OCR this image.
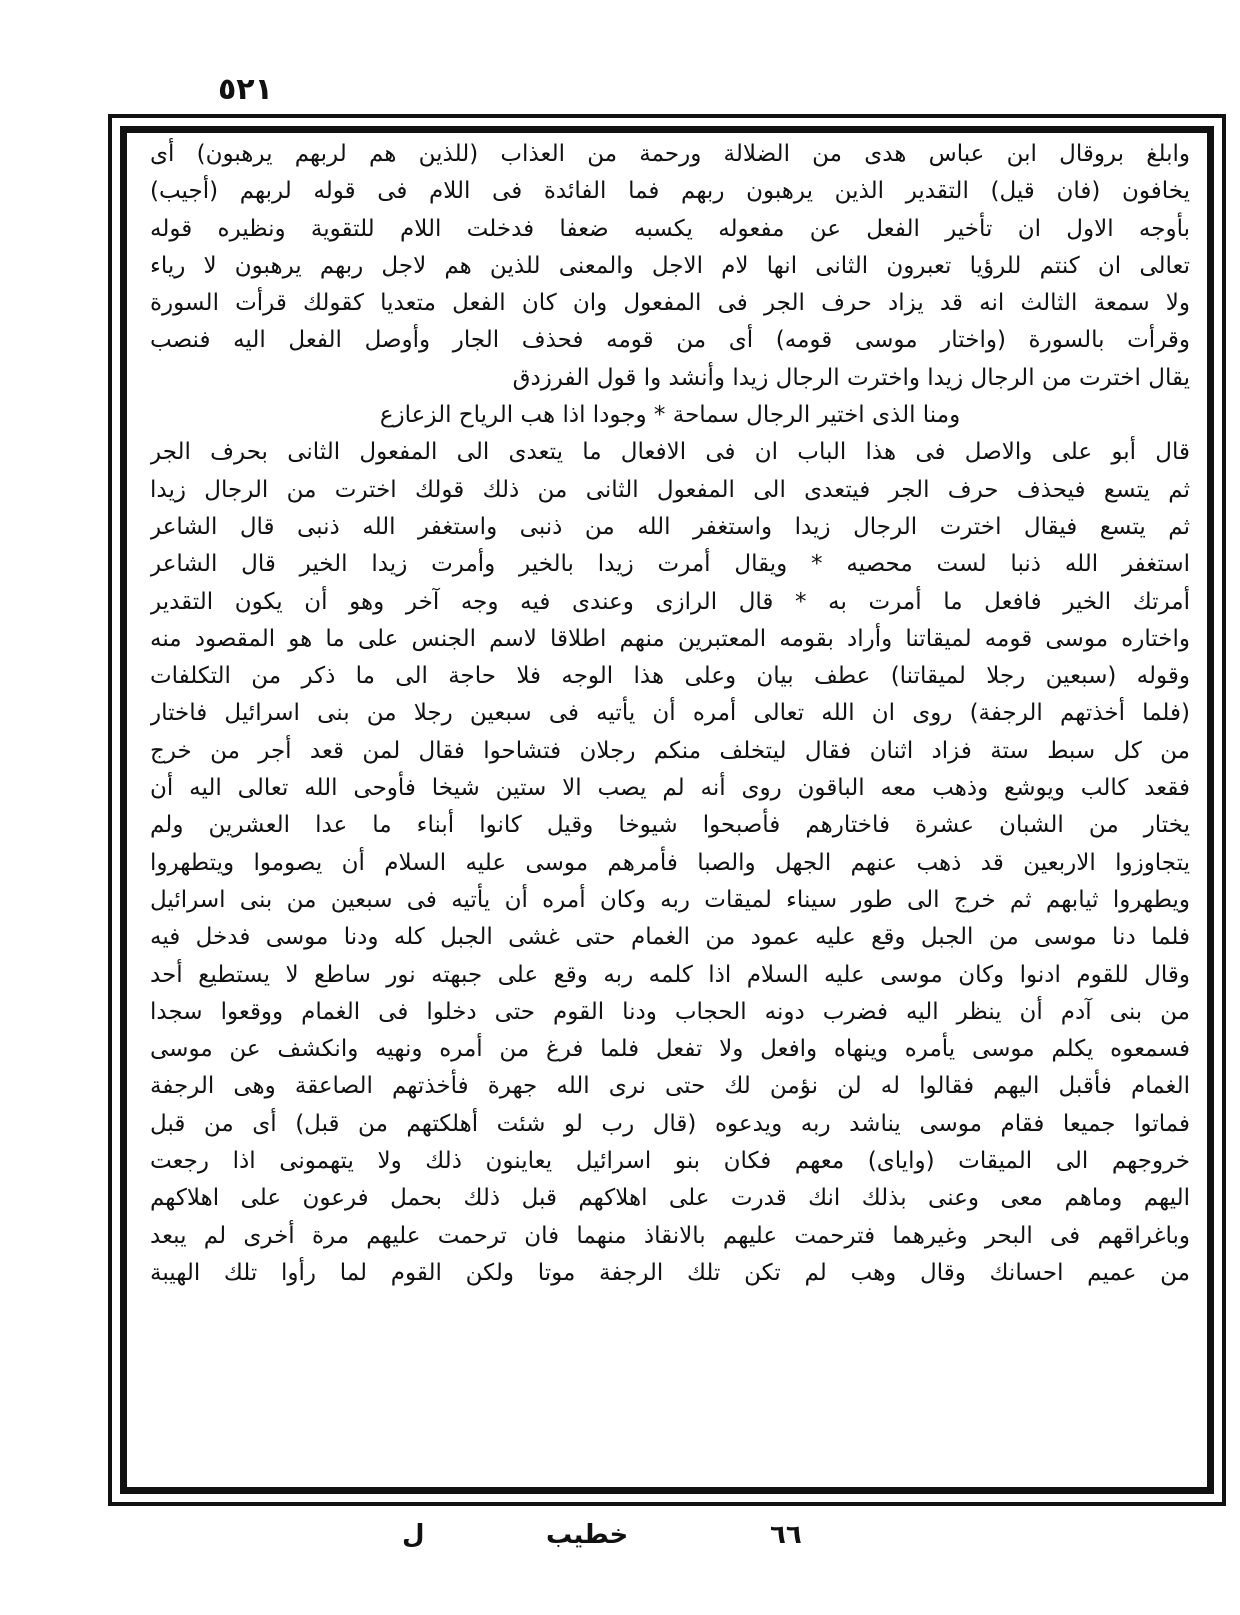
٥٢١
وابلغ بروقال ابن عباس هدى من الضلالة ورحمة من العذاب (للذين هم لربهم يرهبون) أى
يخافون (فان قيل) التقدير الذين يرهبون ربهم فما الفائدة فى اللام فى قوله لربهم (أجيب)
بأوجه الاول ان تأخير الفعل عن مفعوله يكسبه ضعفا فدخلت اللام للتقوية ونظيره قوله
تعالى ان كنتم للرؤيا تعبرون الثانى انها لام الاجل والمعنى للذين هم لاجل ربهم يرهبون لا رياء
ولا سمعة الثالث انه قد يزاد حرف الجر فى المفعول وان كان الفعل متعديا كقولك قرأت السورة
وقرأت بالسورة (واختار موسى قومه) أى من قومه فحذف الجار وأوصل الفعل اليه فنصب
يقال اخترت من الرجال زيدا واخترت الرجال زيدا وأنشد وا قول الفرزدق
ومنا الذى اختير الرجال سماحة * وجودا اذا هب الرياح الزعازع
قال أبو على والاصل فى هذا الباب ان فى الافعال ما يتعدى الى المفعول الثانى بحرف الجر
ثم يتسع فيحذف حرف الجر فيتعدى الى المفعول الثانى من ذلك قولك اخترت من الرجال زيدا
ثم يتسع فيقال اخترت الرجال زيدا واستغفر الله من ذنبى واستغفر الله ذنبى قال الشاعر
استغفر الله ذنبا لست محصيه * ويقال أمرت زيدا بالخير وأمرت زيدا الخير قال الشاعر
أمرتك الخير فافعل ما أمرت به * قال الرازى وعندى فيه وجه آخر وهو أن يكون التقدير
واختاره موسى قومه لميقاتنا وأراد بقومه المعتبرين منهم اطلاقا لاسم الجنس على ما هو المقصود منه
وقوله (سبعين رجلا لميقاتنا) عطف بيان وعلى هذا الوجه فلا حاجة الى ما ذكر من التكلفات
(فلما أخذتهم الرجفة) روى ان الله تعالى أمره أن يأتيه فى سبعين رجلا من بنى اسرائيل فاختار
من كل سبط ستة فزاد اثنان فقال ليتخلف منكم رجلان فتشاحوا فقال لمن قعد أجر من خرج
فقعد كالب ويوشع وذهب معه الباقون روى أنه لم يصب الا ستين شيخا فأوحى الله تعالى اليه أن
يختار من الشبان عشرة فاختارهم فأصبحوا شيوخا وقيل كانوا أبناء ما عدا العشرين ولم
يتجاوزوا الاربعين قد ذهب عنهم الجهل والصبا فأمرهم موسى عليه السلام أن يصوموا ويتطهروا
ويطهروا ثيابهم ثم خرج الى طور سيناء لميقات ربه وكان أمره أن يأتيه فى سبعين من بنى اسرائيل
فلما دنا موسى من الجبل وقع عليه عمود من الغمام حتى غشى الجبل كله ودنا موسى فدخل فيه
وقال للقوم ادنوا وكان موسى عليه السلام اذا كلمه ربه وقع على جبهته نور ساطع لا يستطيع أحد
من بنى آدم أن ينظر اليه فضرب دونه الحجاب ودنا القوم حتى دخلوا فى الغمام ووقعوا سجدا
فسمعوه يكلم موسى يأمره وينهاه وافعل ولا تفعل فلما فرغ من أمره ونهيه وانكشف عن موسى
الغمام فأقبل اليهم فقالوا له لن نؤمن لك حتى نرى الله جهرة فأخذتهم الصاعقة وهى الرجفة
فماتوا جميعا فقام موسى يناشد ربه ويدعوه (قال رب لو شئت أهلكتهم من قبل) أى من قبل
خروجهم الى الميقات (واياى) معهم فكان بنو اسرائيل يعاينون ذلك ولا يتهمونى اذا رجعت
اليهم وماهم معى وعنى بذلك انك قدرت على اهلاكهم قبل ذلك بحمل فرعون على اهلاكهم
وباغراقهم فى البحر وغيرهما فترحمت عليهم بالانقاذ منهما فان ترحمت عليهم مرة أخرى لم يبعد
من عميم احسانك وقال وهب لم تكن تلك الرجفة موتا ولكن القوم لما رأوا تلك الهيبة
خطيب	٦٦
ل
